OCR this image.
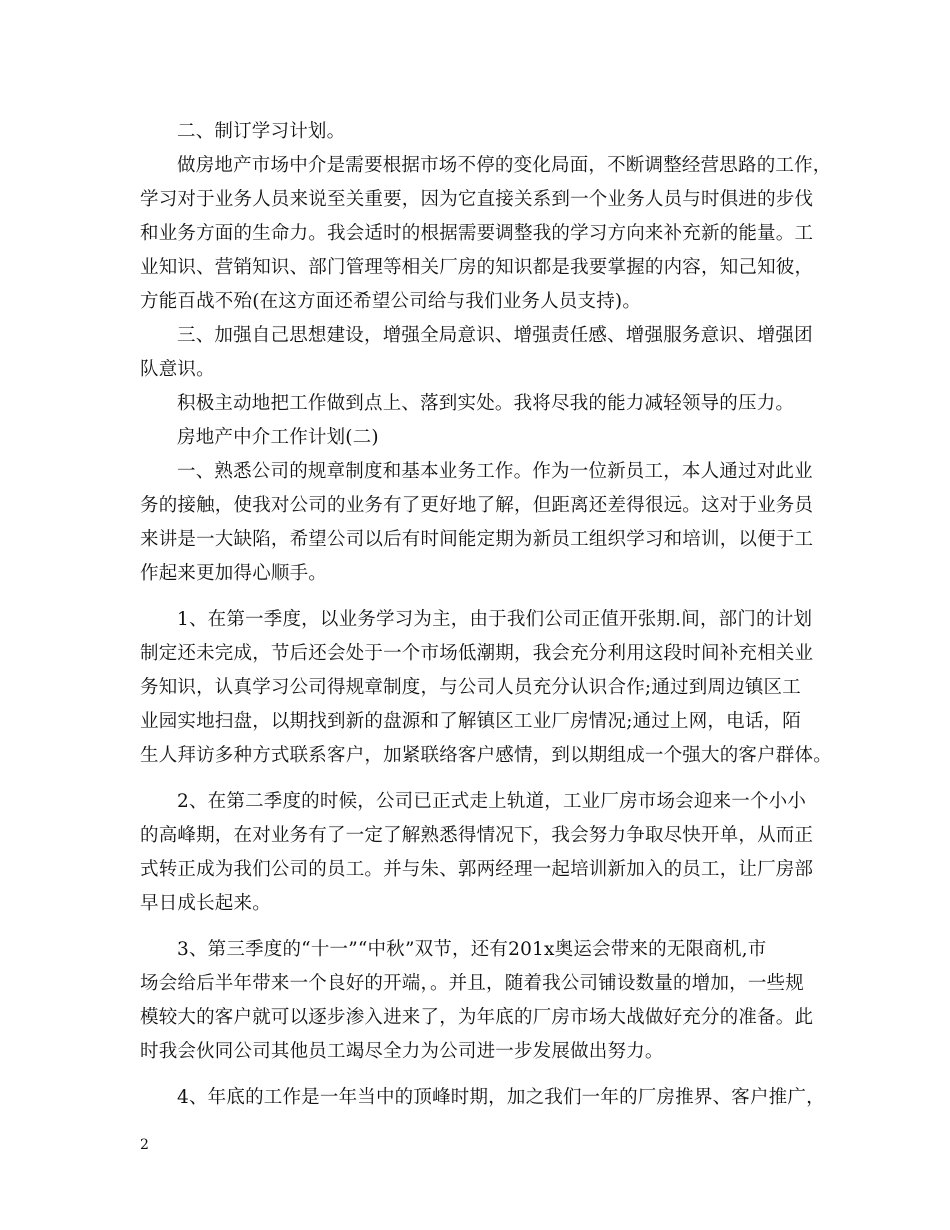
二、制订学习计划。
做房地产市场中介是需要根据市场不停的变化局面，不断调整经营思路的工作，
学习对于业务人员来说至关重要，因为它直接关系到一个业务人员与时俱进的步伐
和业务方面的生命力。我会适时的根据需要调整我的学习方向来补充新的能量。工
业知识、营销知识、部门管理等相关厂房的知识都是我要掌握的内容，知己知彼，
方能百战不殆(在这方面还希望公司给与我们业务人员支持)。
三、加强自己思想建设，增强全局意识、增强责任感、增强服务意识、增强团
队意识。
积极主动地把工作做到点上、落到实处。我将尽我的能力减轻领导的压力。
房地产中介工作计划(二)
一、熟悉公司的规章制度和基本业务工作。作为一位新员工，本人通过对此业
务的接触，使我对公司的业务有了更好地了解，但距离还差得很远。这对于业务员
来讲是一大缺陷，希望公司以后有时间能定期为新员工组织学习和培训，以便于工
作起来更加得心顺手。
1、在第一季度，以业务学习为主，由于我们公司正值开张期.间，部门的计划
制定还未完成，节后还会处于一个市场低潮期，我会充分利用这段时间补充相关业
务知识，认真学习公司得规章制度，与公司人员充分认识合作;通过到周边镇区工
业园实地扫盘，以期找到新的盘源和了解镇区工业厂房情况;通过上网，电话，陌
生人拜访多种方式联系客户，加紧联络客户感情，到以期组成一个强大的客户群体。
2、在第二季度的时候，公司已正式走上轨道，工业厂房市场会迎来一个小小
的高峰期，在对业务有了一定了解熟悉得情况下，我会努力争取尽快开单，从而正
式转正成为我们公司的员工。并与朱、郭两经理一起培训新加入的员工，让厂房部
早日成长起来。
3、第三季度的“十一”“中秋”双节，还有201x奥运会带来的无限商机,市
场会给后半年带来一个良好的开端，。并且，随着我公司铺设数量的增加，一些规
模较大的客户就可以逐步渗入进来了，为年底的厂房市场大战做好充分的准备。此
时我会伙同公司其他员工竭尽全力为公司进一步发展做出努力。
4、年底的工作是一年当中的顶峰时期，加之我们一年的厂房推界、客户推广，
2
